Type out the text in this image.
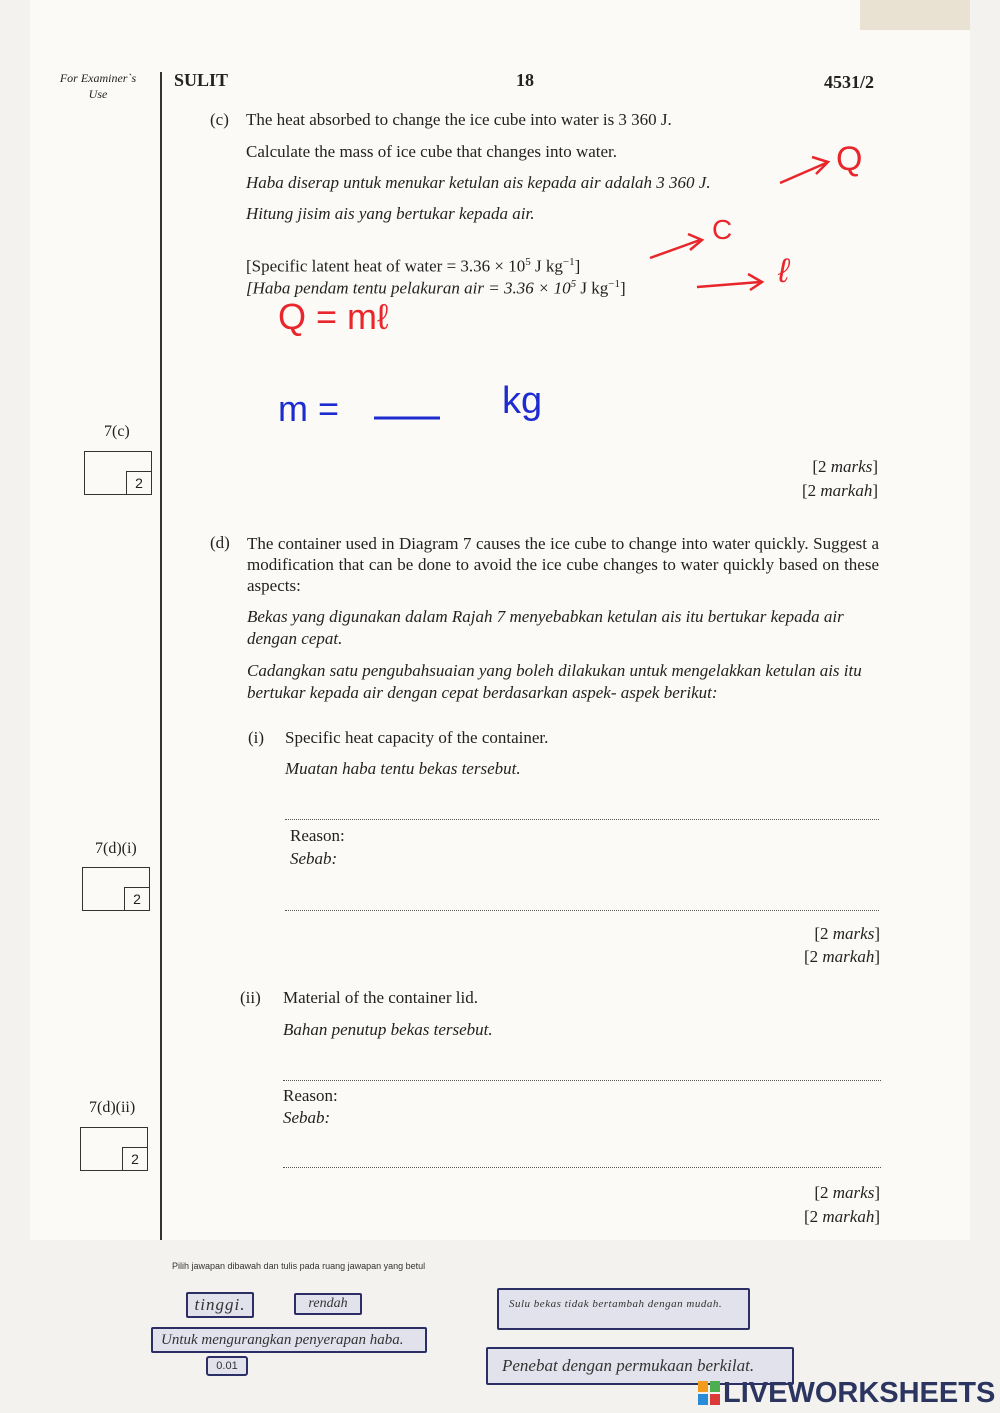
For Examiner`s Use
SULIT	18	4531/2
(c) The heat absorbed to change the ice cube into water is 3 360 J.
Calculate the mass of ice cube that changes into water.
Haba diserap untuk menukar ketulan ais kepada air adalah 3 360 J.
Hitung jisim ais yang bertukar kepada air.
[Specific latent heat of water = $3.36 \times 10^5$ J $kg^{-1}$]
[Haba pendam tentu pelakuran air = $3.36 \times 10^5$ J $kg^{-1}$]
Q
C
ℓ
Q = mℓ
m =	kg
7(c)
2
[2 marks]
[2 markah]
(d) The container used in Diagram 7 causes the ice cube to change into water quickly. Suggest a modification that can be done to avoid the ice cube changes to water quickly based on these aspects:
Bekas yang digunakan dalam Rajah 7 menyebabkan ketulan ais itu bertukar kepada air dengan cepat.
Cadangkan satu pengubahsuaian yang boleh dilakukan untuk mengelakkan ketulan ais itu bertukar kepada air dengan cepat berdasarkan aspek- aspek berikut:
(i) Specific heat capacity of the container.
Muatan haba tentu bekas tersebut.
Reason:
Sebab:
7(d)(i)
2
[2 marks]
[2 markah]
(ii) Material of the container lid.
Bahan penutup bekas tersebut.
Reason:
Sebab:
7(d)(ii)
2
[2 marks]
[2 markah]
Pilih jawapan dibawah dan tulis pada ruang jawapan yang betul
tinggi.	rendah	Sulu bekas tidak bertambah dengan mudah.
Untuk mengurangkan penyerapan haba.
0.01	Penebat dengan permukaan berkilat.
LIVEWORKSHEETS
